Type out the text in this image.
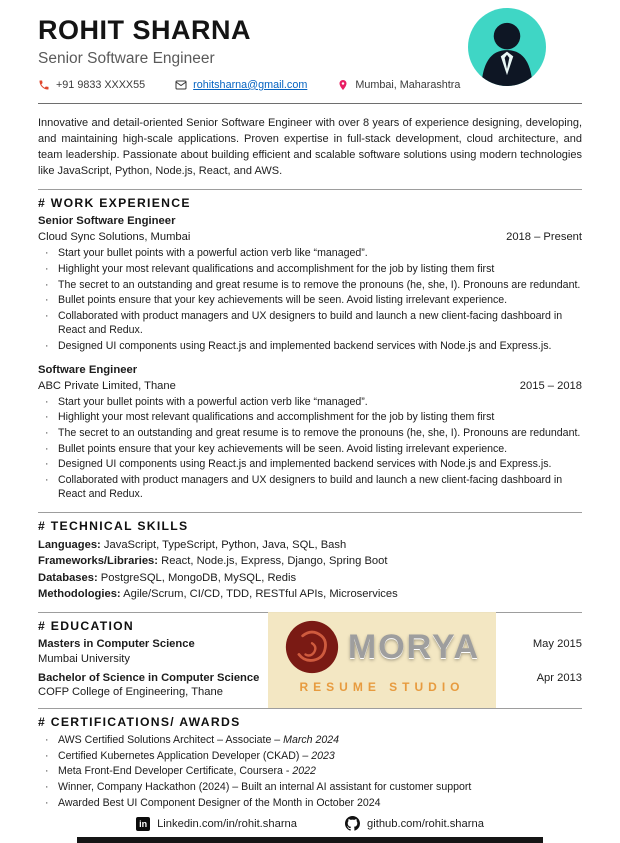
ROHIT SHARNA
Senior Software Engineer
+91 9833 XXXX55	rohitsharna@gmail.com	Mumbai, Maharashtra

Innovative and detail-oriented Senior Software Engineer with over 8 years of experience designing, developing, and maintaining high-scale applications. Proven expertise in full-stack development, cloud architecture, and team leadership. Passionate about building efficient and scalable software solutions using modern technologies like JavaScript, Python, Node.js, React, and AWS.

# WORK EXPERIENCE
Senior Software Engineer
Cloud Sync Solutions, Mumbai	2018 – Present
· Start your bullet points with a powerful action verb like “managed”.
· Highlight your most relevant qualifications and accomplishment for the job by listing them first
· The secret to an outstanding and great resume is to remove the pronouns (he, she, I). Pronouns are redundant.
· Bullet points ensure that your key achievements will be seen. Avoid listing irrelevant experience.
· Collaborated with product managers and UX designers to build and launch a new client-facing dashboard in React and Redux.
· Designed UI components using React.js and implemented backend services with Node.js and Express.js.
Software Engineer
ABC Private Limited, Thane	2015 – 2018
· Start your bullet points with a powerful action verb like “managed”.
· Highlight your most relevant qualifications and accomplishment for the job by listing them first
· The secret to an outstanding and great resume is to remove the pronouns (he, she, I). Pronouns are redundant.
· Bullet points ensure that your key achievements will be seen. Avoid listing irrelevant experience.
· Designed UI components using React.js and implemented backend services with Node.js and Express.js.
· Collaborated with product managers and UX designers to build and launch a new client-facing dashboard in React and Redux.
# TECHNICAL SKILLS
Languages: JavaScript, TypeScript, Python, Java, SQL, Bash
Frameworks/Libraries: React, Node.js, Express, Django, Spring Boot
Databases: PostgreSQL, MongoDB, MySQL, Redis
Methodologies: Agile/Scrum, CI/CD, TDD, RESTful APIs, Microservices
# EDUCATION
Masters in Computer Science	May 2015
Mumbai University
Bachelor of Science in Computer Science	Apr 2013
COFP College of Engineering, Thane
# CERTIFICATIONS/ AWARDS
· AWS Certified Solutions Architect – Associate – March 2024
· Certified Kubernetes Application Developer (CKAD) – 2023
· Meta Front-End Developer Certificate, Coursera - 2022
· Winner, Company Hackathon (2024) – Built an internal AI assistant for customer support
· Awarded Best UI Component Designer of the Month in October 2024
MORYA
RESUME STUDIO
in Linkedin.com/in/rohit.sharna	github.com/rohit.sharna
